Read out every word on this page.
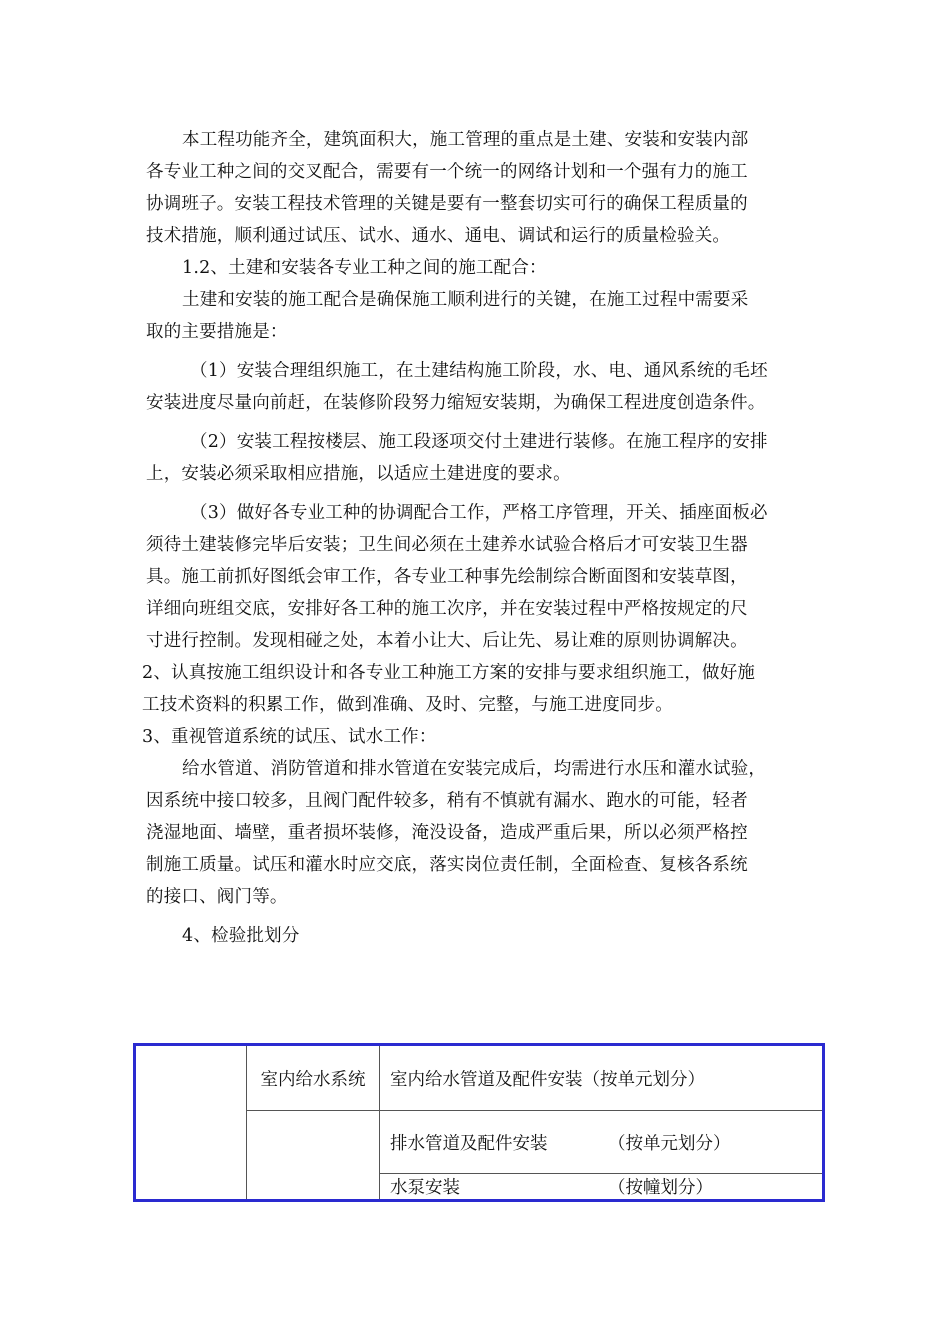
本工程功能齐全，建筑面积大，施工管理的重点是土建、安装和安装内部

各专业工种之间的交叉配合，需要有一个统一的网络计划和一个强有力的施工

协调班子。安装工程技术管理的关键是要有一整套切实可行的确保工程质量的

技术措施，顺利通过试压、试水、通水、通电、调试和运行的质量检验关。

1.2、土建和安装各专业工种之间的施工配合：

土建和安装的施工配合是确保施工顺利进行的关键，在施工过程中需要采

取的主要措施是：

（1）安装合理组织施工，在土建结构施工阶段，水、电、通风系统的毛坯

安装进度尽量向前赶，在装修阶段努力缩短安装期，为确保工程进度创造条件。

（2）安装工程按楼层、施工段逐项交付土建进行装修。在施工程序的安排

上，安装必须采取相应措施，以适应土建进度的要求。

（3）做好各专业工种的协调配合工作，严格工序管理，开关、插座面板必

须待土建装修完毕后安装；卫生间必须在土建养水试验合格后才可安装卫生器

具。施工前抓好图纸会审工作，各专业工种事先绘制综合断面图和安装草图，

详细向班组交底，安排好各工种的施工次序，并在安装过程中严格按规定的尺

寸进行控制。发现相碰之处，本着小让大、后让先、易让难的原则协调解决。

2、认真按施工组织设计和各专业工种施工方案的安排与要求组织施工，做好施

工技术资料的积累工作，做到准确、及时、完整，与施工进度同步。

3、重视管道系统的试压、试水工作：

给水管道、消防管道和排水管道在安装完成后，均需进行水压和灌水试验，

因系统中接口较多，且阀门配件较多，稍有不慎就有漏水、跑水的可能，轻者

浇湿地面、墙壁，重者损坏装修，淹没设备，造成严重后果，所以必须严格控

制施工质量。试压和灌水时应交底，落实岗位责任制，全面检查、复核各系统

的接口、阀门等。

4、检验批划分

	室内给水系统	室内给水管道及配件安装（按单元划分）

		排水管道及配件安装 （按单元划分）

		水泵安装 （按幢划分）
